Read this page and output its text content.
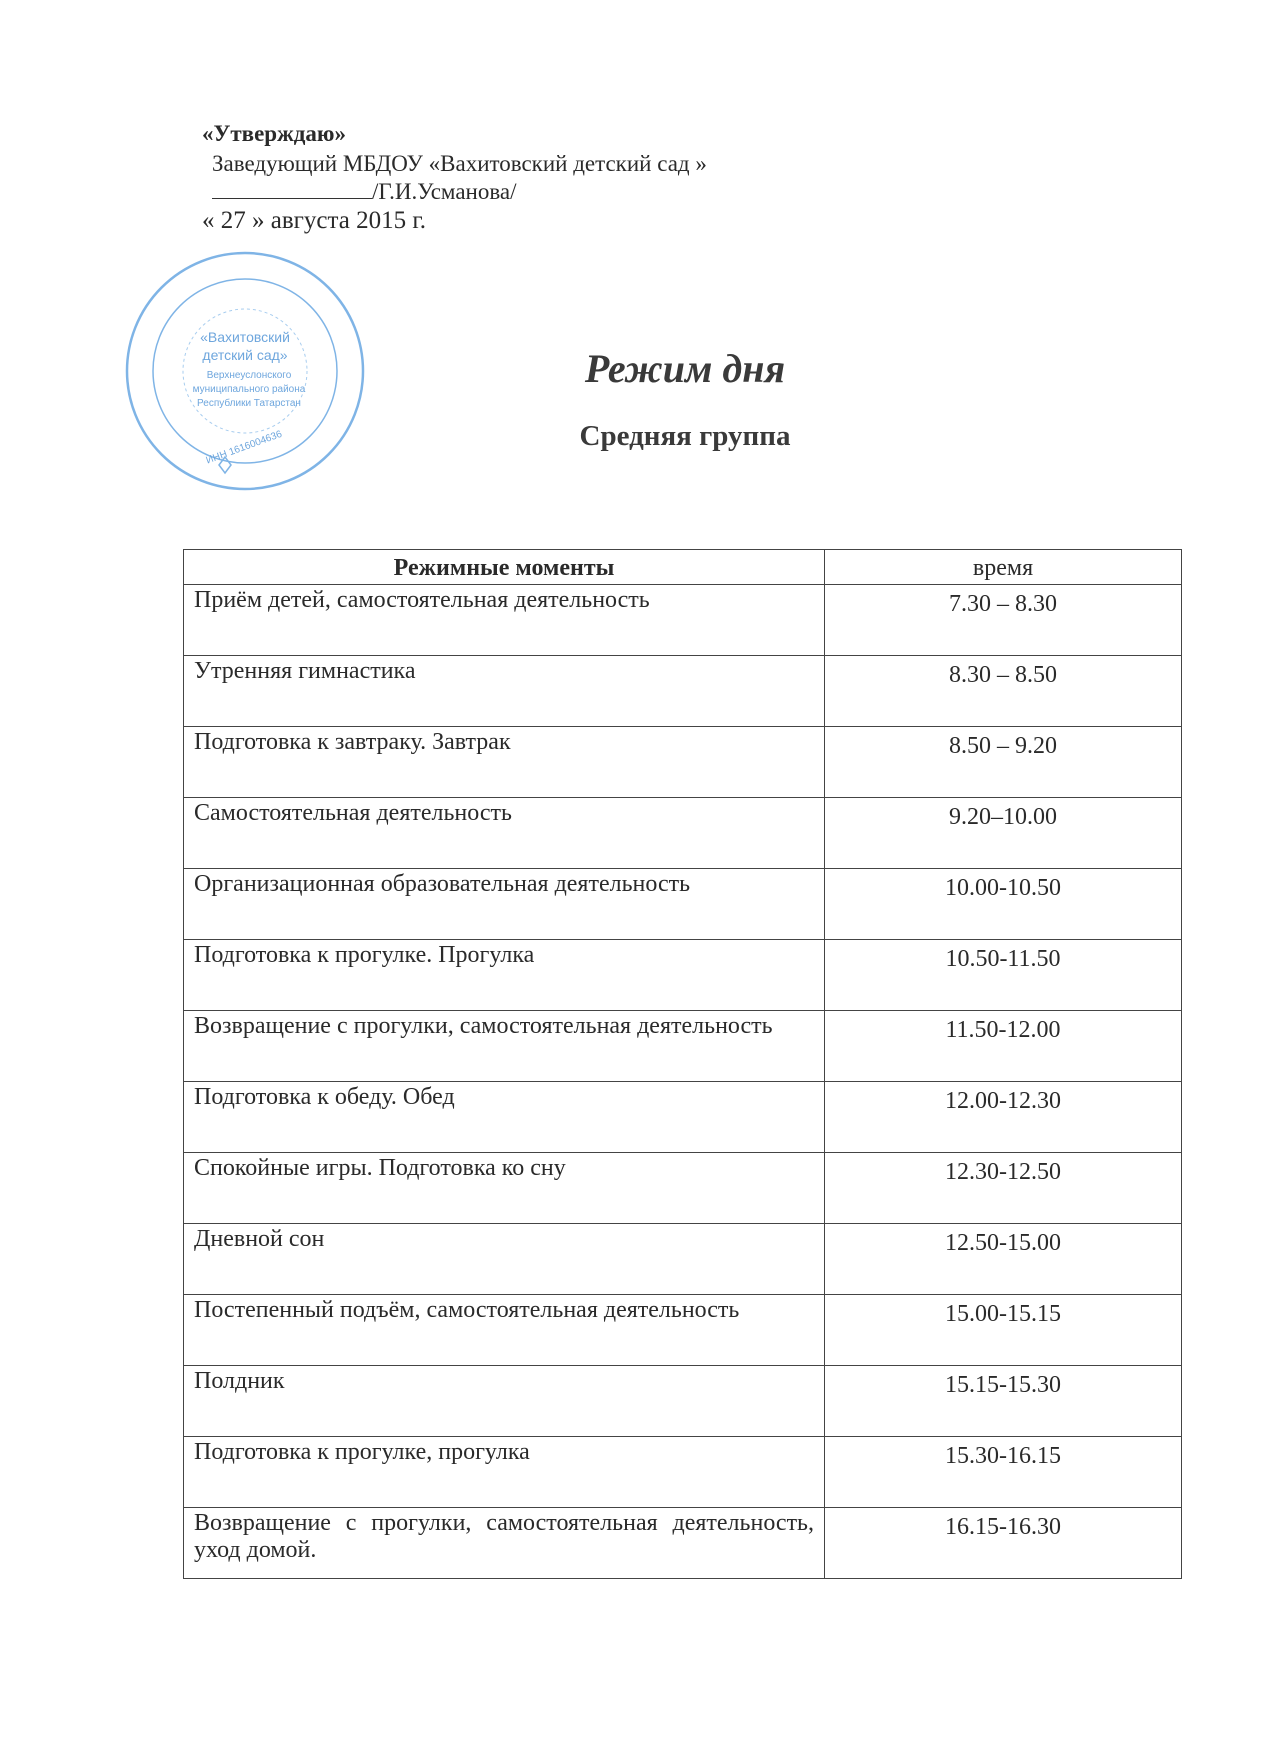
«Вахитовский
детский сад»
Верхнеуслонского
муниципального района
Республики Татарстан
ИНН 1616004636
«Утверждаю»
Заведующий МБДОУ «Вахитовский детский сад »
/Г.И.Усманова/
« 27 » августа 2015 г.
Режим дня
Средняя группа
Режимные моменты	время
Приём детей, самостоятельная деятельность	7.30 – 8.30
Утренняя гимнастика	8.30 – 8.50
Подготовка к завтраку. Завтрак	8.50 – 9.20
Самостоятельная деятельность	9.20–10.00
Организационная образовательная деятельность	10.00-10.50
Подготовка к прогулке. Прогулка	10.50-11.50
Возвращение с прогулки, самостоятельная деятельность	11.50-12.00
Подготовка к обеду. Обед	12.00-12.30
Спокойные игры. Подготовка ко сну	12.30-12.50
Дневной сон	12.50-15.00
Постепенный подъём, самостоятельная деятельность	15.00-15.15
Полдник	15.15-15.30
Подготовка к прогулке, прогулка	15.30-16.15
Возвращение с прогулки, самостоятельная деятельность, уход домой.	16.15-16.30
